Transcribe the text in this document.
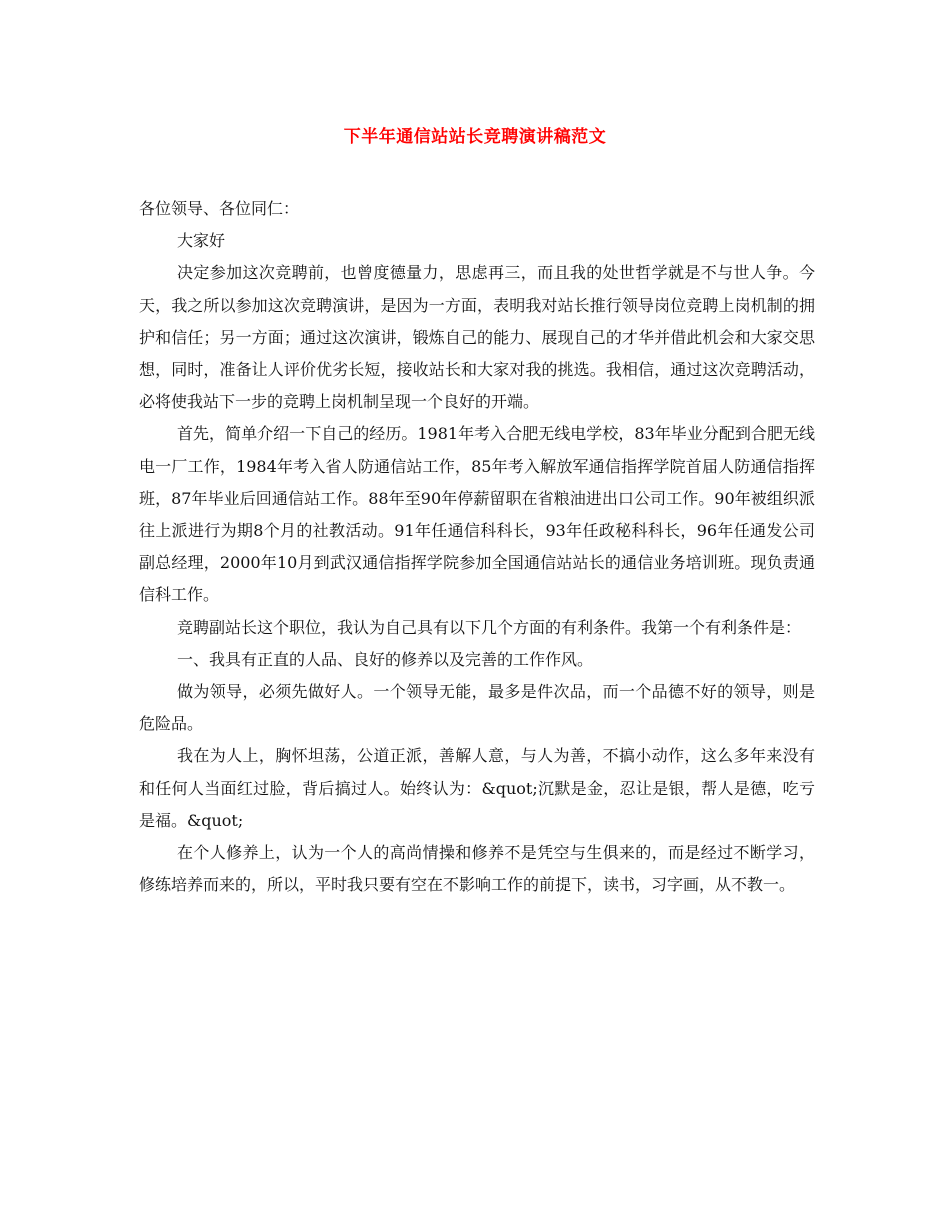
下半年通信站站长竞聘演讲稿范文

各位领导、各位同仁：

大家好

决定参加这次竞聘前，也曾度德量力，思虑再三，而且我的处世哲学就是不与世人争。今天，我之所以参加这次竞聘演讲，是因为一方面，表明我对站长推行领导岗位竞聘上岗机制的拥护和信任；另一方面；通过这次演讲，锻炼自己的能力、展现自己的才华并借此机会和大家交思想，同时，准备让人评价优劣长短，接收站长和大家对我的挑选。我相信，通过这次竞聘活动，必将使我站下一步的竞聘上岗机制呈现一个良好的开端。

首先，简单介绍一下自己的经历。1981年考入合肥无线电学校，83年毕业分配到合肥无线电一厂工作，1984年考入省人防通信站工作，85年考入解放军通信指挥学院首届人防通信指挥班，87年毕业后回通信站工作。88年至90年停薪留职在省粮油进出口公司工作。90年被组织派往上派进行为期8个月的社教活动。91年任通信科科长，93年任政秘科科长，96年任通发公司副总经理，2000年10月到武汉通信指挥学院参加全国通信站站长的通信业务培训班。现负责通信科工作。

竞聘副站长这个职位，我认为自己具有以下几个方面的有利条件。我第一个有利条件是：

一、我具有正直的人品、良好的修养以及完善的工作作风。

做为领导，必须先做好人。一个领导无能，最多是件次品，而一个品德不好的领导，则是危险品。

我在为人上，胸怀坦荡，公道正派，善解人意，与人为善，不搞小动作，这么多年来没有和任何人当面红过脸，背后搞过人。始终认为：&quot;沉默是金，忍让是银，帮人是德，吃亏是福。&quot;

在个人修养上，认为一个人的高尚情操和修养不是凭空与生俱来的，而是经过不断学习，修练培养而来的，所以，平时我只要有空在不影响工作的前提下，读书，习字画，从不教一。
